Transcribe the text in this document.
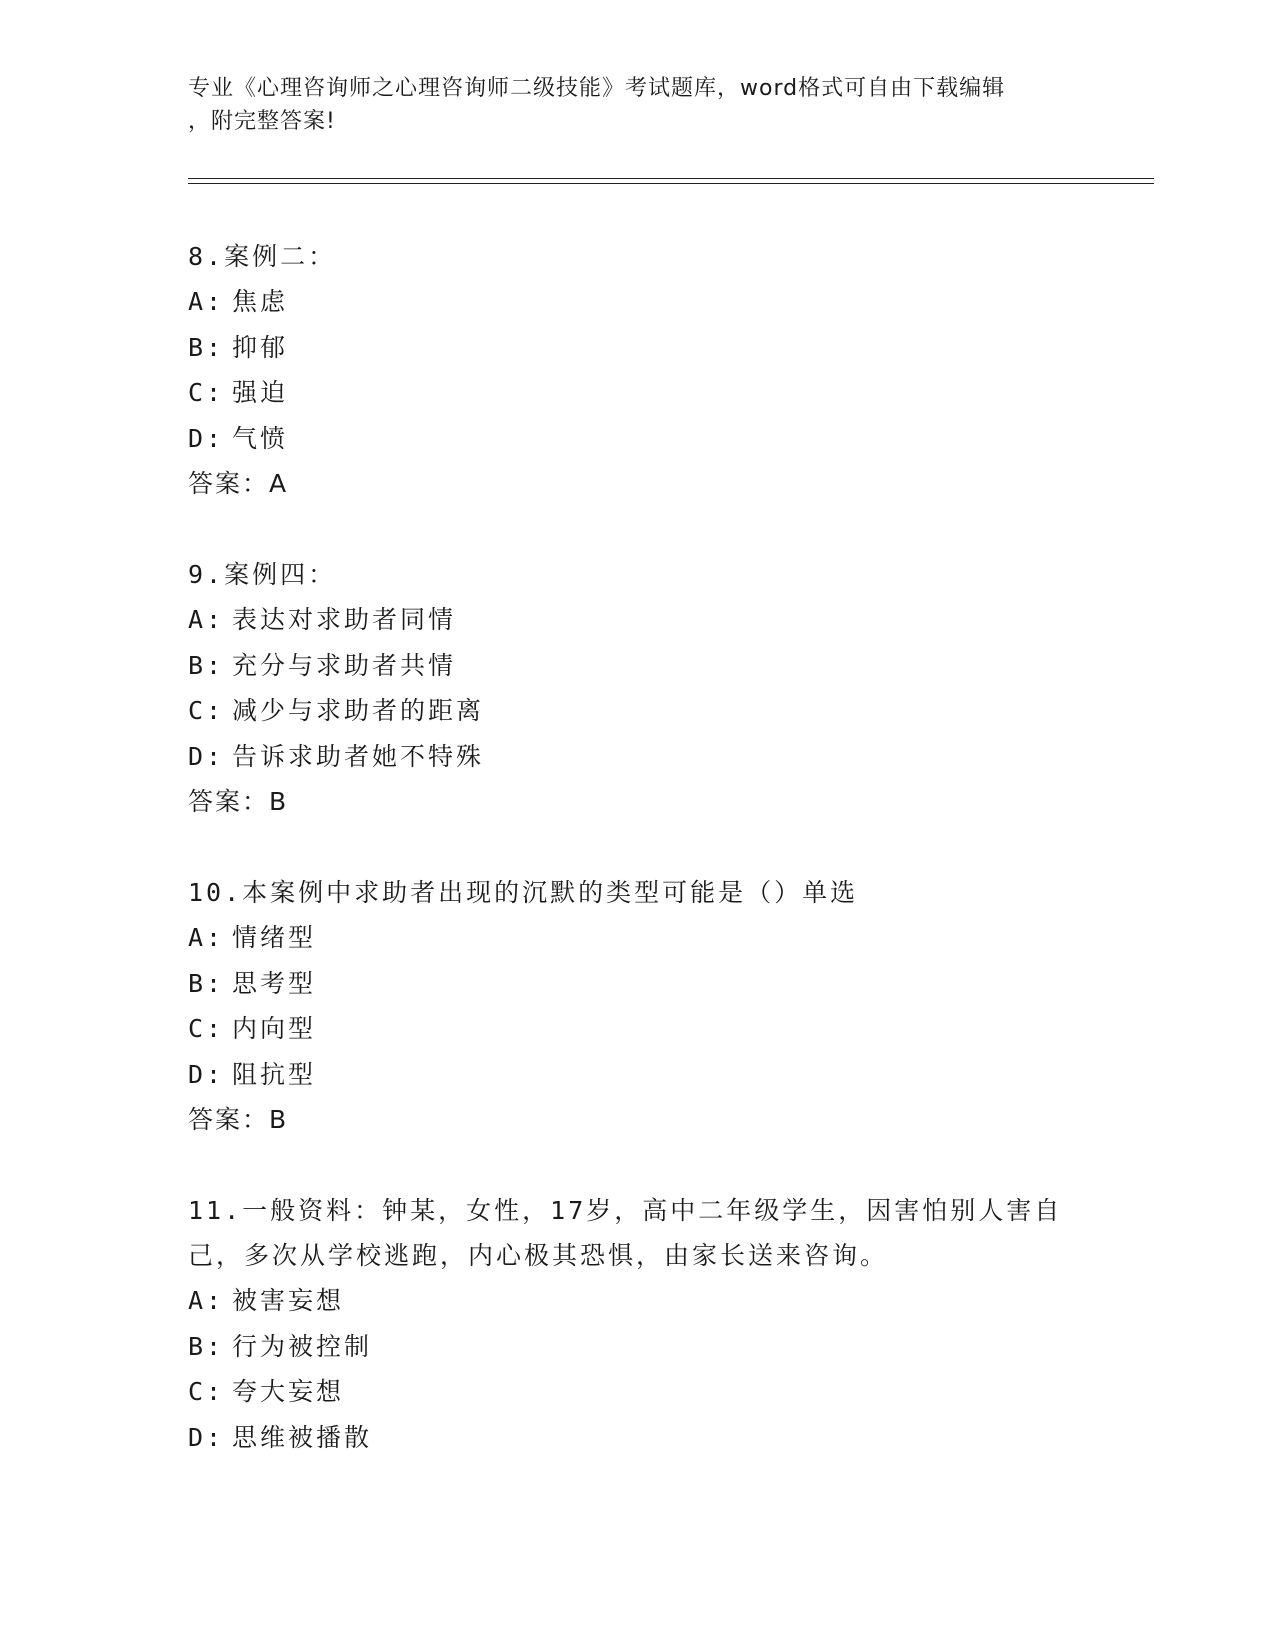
专业《心理咨询师之心理咨询师二级技能》考试题库，word格式可自由下载编辑
，附完整答案!

8.案例二：

A: 焦虑

B: 抑郁

C: 强迫

D: 气愤

答案：A

9.案例四：

A: 表达对求助者同情

B: 充分与求助者共情

C: 减少与求助者的距离

D: 告诉求助者她不特殊

答案：B

10.本案例中求助者出现的沉默的类型可能是（）单选

A: 情绪型

B: 思考型

C: 内向型

D: 阻抗型

答案：B

11.一般资料：钟某，女性，17岁，高中二年级学生，因害怕别人害自

己，多次从学校逃跑，内心极其恐惧，由家长送来咨询。

A: 被害妄想

B: 行为被控制

C: 夸大妄想

D: 思维被播散
